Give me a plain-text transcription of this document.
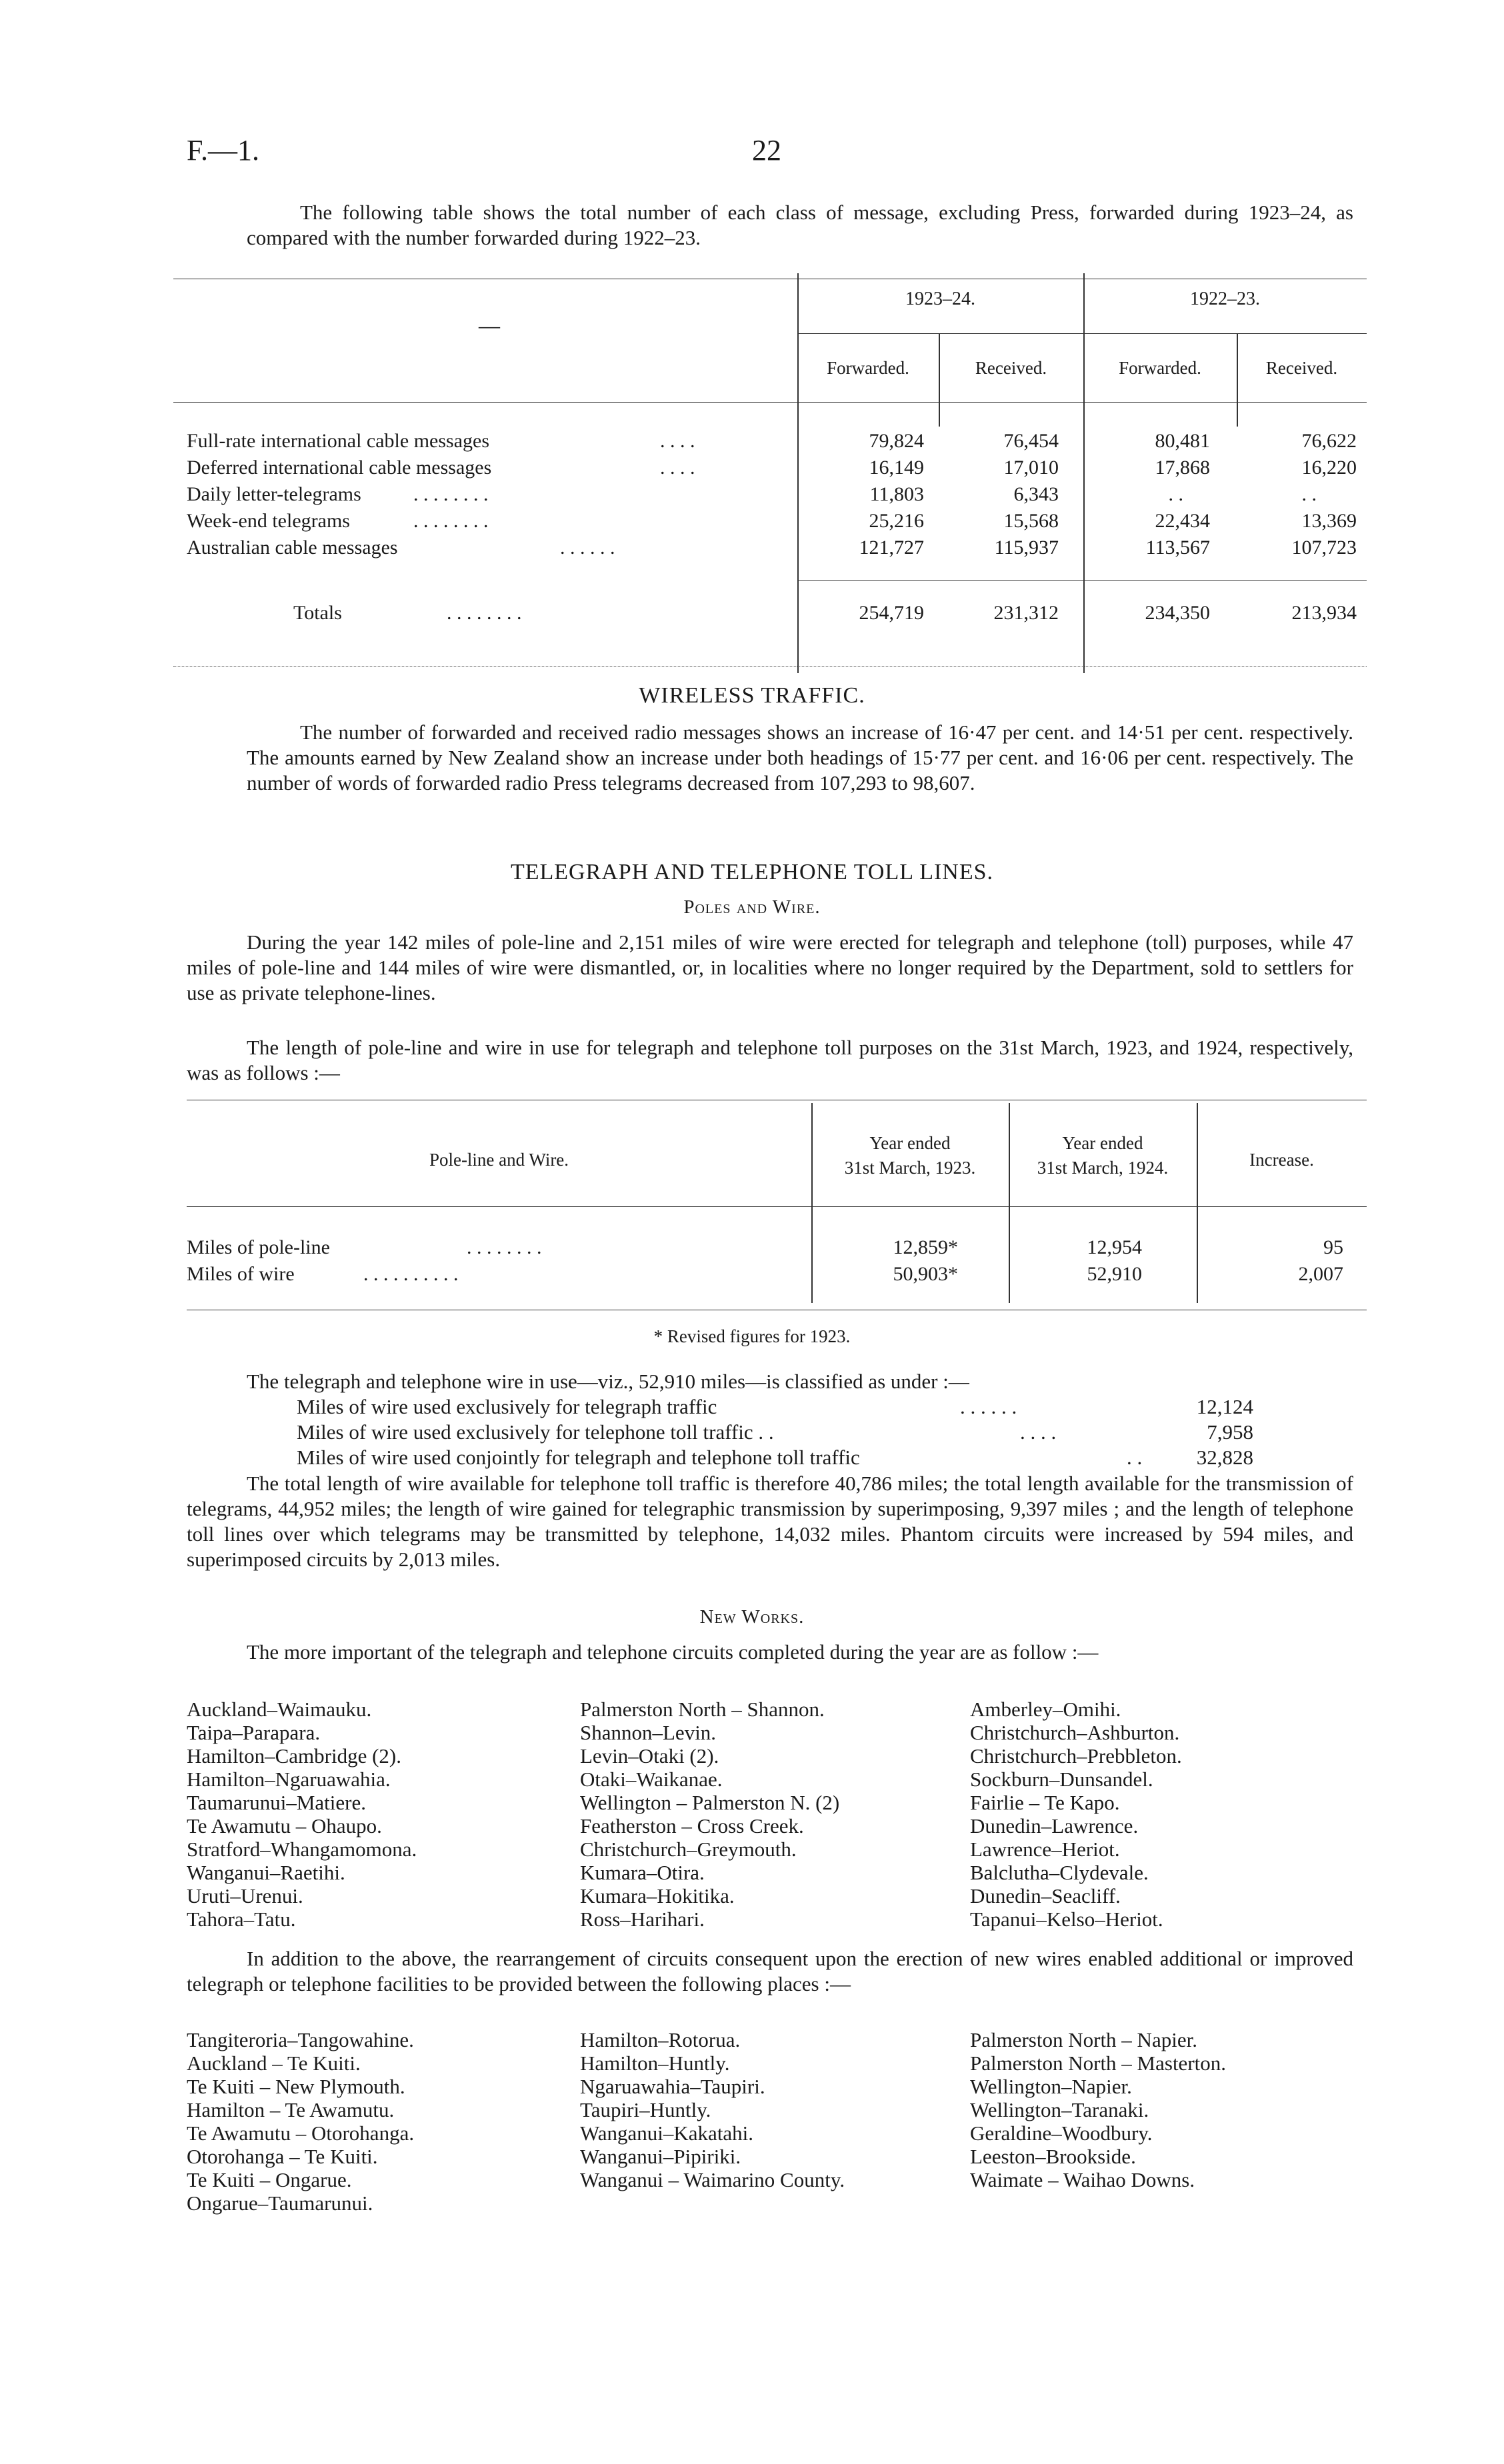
F.—1.	22
The following table shows the total number of each class of message, excluding Press, forwarded during 1923–24, as compared with the number forwarded during 1922–23.
—
1923–24.	1922–23.
Forwarded.	Received.	Forwarded.	Received.
Full-rate international cable messages	. . . .	79,824	76,454	80,481	76,622
Deferred international cable messages	. . . .	16,149	17,010	17,868	16,220
Daily letter-telegrams	. . . . . . . .	11,803	6,343	. .	. .
Week-end telegrams	. . . . . . . .	25,216	15,568	22,434	13,369
Australian cable messages	. . . . . .	121,727	115,937	113,567	107,723
Totals	. . . . . . . .	254,719	231,312	234,350	213,934
WIRELESS TRAFFIC.
The number of forwarded and received radio messages shows an increase of 16·47 per cent. and 14·51 per cent. respectively. The amounts earned by New Zealand show an increase under both headings of 15·77 per cent. and 16·06 per cent. respectively. The number of words of forwarded radio Press telegrams decreased from 107,293 to 98,607.
TELEGRAPH AND TELEPHONE TOLL LINES.
Poles and Wire.
During the year 142 miles of pole-line and 2,151 miles of wire were erected for telegraph and telephone (toll) purposes, while 47 miles of pole-line and 144 miles of wire were dismantled, or, in localities where no longer required by the Department, sold to settlers for use as private telephone-lines.
The length of pole-line and wire in use for telegraph and telephone toll purposes on the 31st March, 1923, and 1924, respectively, was as follows :—
Pole-line and Wire.
Year ended
31st March, 1923.
Year ended
31st March, 1924.	Increase.
Miles of pole-line	. . . . . . . .	12,859*	12,954	95
Miles of wire	. . . . . . . . . .	50,903*	52,910	2,007
* Revised figures for 1923.
The telegraph and telephone wire in use—viz., 52,910 miles—is classified as under :—
Miles of wire used exclusively for telegraph traffic	. . . . . .	12,124
Miles of wire used exclusively for telephone toll traffic . .	. . . .	7,958
Miles of wire used conjointly for telegraph and telephone toll traffic	. .	32,828
The total length of wire available for telephone toll traffic is therefore 40,786 miles; the total length available for the transmission of telegrams, 44,952 miles; the length of wire gained for telegraphic transmission by superimposing, 9,397 miles ; and the length of telephone toll lines over which telegrams may be transmitted by telephone, 14,032 miles. Phantom circuits were increased by 594 miles, and superimposed circuits by 2,013 miles.
New Works.
The more important of the telegraph and telephone circuits completed during the year are as follow :—
Auckland–Waimauku.
Taipa–Parapara.
Hamilton–Cambridge (2).
Hamilton–Ngaruawahia.
Taumarunui–Matiere.
Te Awamutu – Ohaupo.
Stratford–Whangamomona.
Wanganui–Raetihi.
Uruti–Urenui.
Tahora–Tatu.
Palmerston North – Shannon.
Shannon–Levin.
Levin–Otaki (2).
Otaki–Waikanae.
Wellington – Palmerston N. (2)
Featherston – Cross Creek.
Christchurch–Greymouth.
Kumara–Otira.
Kumara–Hokitika.
Ross–Harihari.
Amberley–Omihi.
Christchurch–Ashburton.
Christchurch–Prebbleton.
Sockburn–Dunsandel.
Fairlie – Te Kapo.
Dunedin–Lawrence.
Lawrence–Heriot.
Balclutha–Clydevale.
Dunedin–Seacliff.
Tapanui–Kelso–Heriot.
In addition to the above, the rearrangement of circuits consequent upon the erection of new wires enabled additional or improved telegraph or telephone facilities to be provided between the following places :—
Tangiteroria–Tangowahine.
Auckland – Te Kuiti.
Te Kuiti – New Plymouth.
Hamilton – Te Awamutu.
Te Awamutu – Otorohanga.
Otorohanga – Te Kuiti.
Te Kuiti – Ongarue.
Ongarue–Taumarunui.
Hamilton–Rotorua.
Hamilton–Huntly.
Ngaruawahia–Taupiri.
Taupiri–Huntly.
Wanganui–Kakatahi.
Wanganui–Pipiriki.
Wanganui – Waimarino County.
Palmerston North – Napier.
Palmerston North – Masterton.
Wellington–Napier.
Wellington–Taranaki.
Geraldine–Woodbury.
Leeston–Brookside.
Waimate – Waihao Downs.
